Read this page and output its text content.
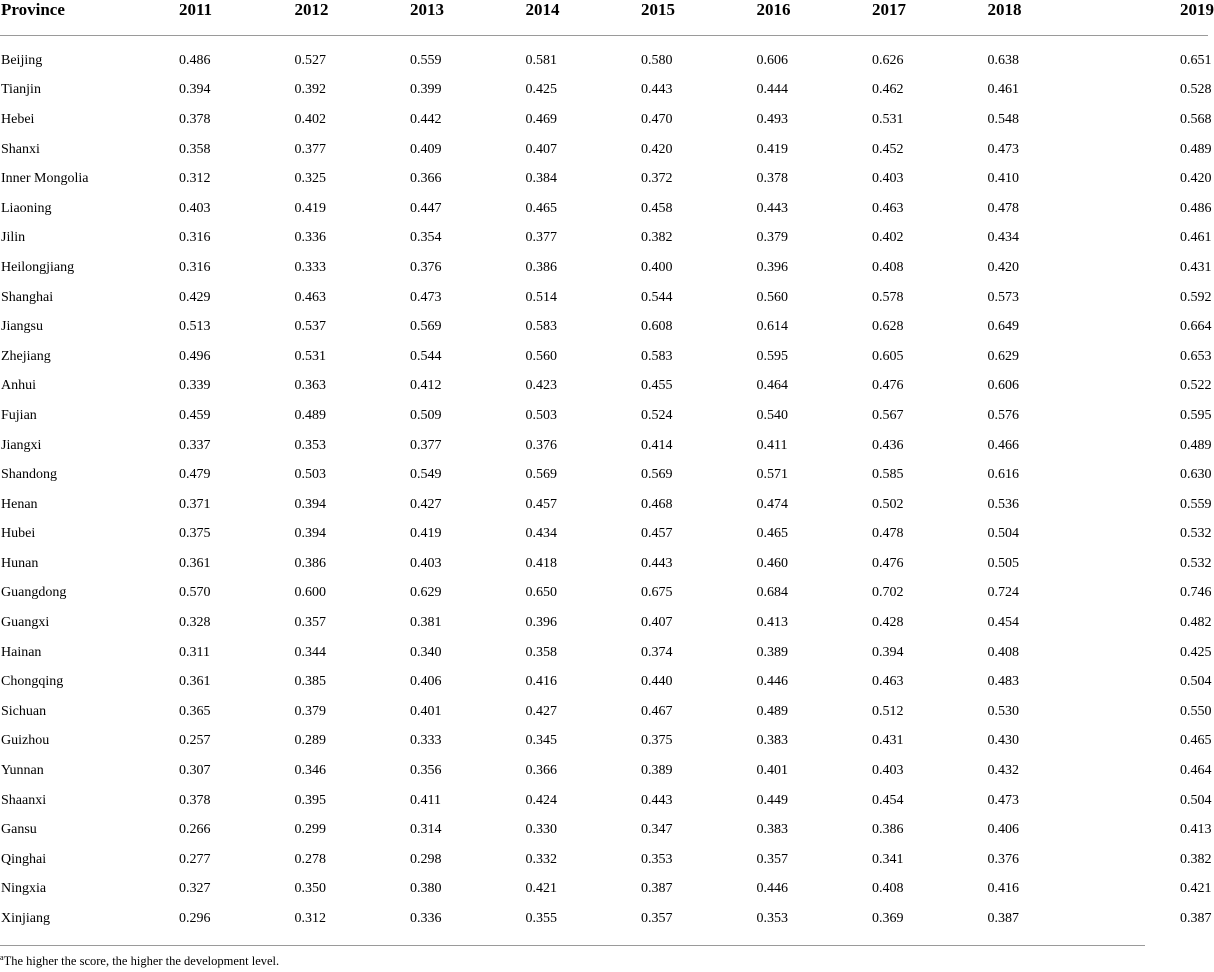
Province	2011	2012	2013	2014	2015	2016	2017	2018	2019
Beijing	0.486	0.527	0.559	0.581	0.580	0.606	0.626	0.638	0.651
Tianjin	0.394	0.392	0.399	0.425	0.443	0.444	0.462	0.461	0.528
Hebei	0.378	0.402	0.442	0.469	0.470	0.493	0.531	0.548	0.568
Shanxi	0.358	0.377	0.409	0.407	0.420	0.419	0.452	0.473	0.489
Inner Mongolia	0.312	0.325	0.366	0.384	0.372	0.378	0.403	0.410	0.420
Liaoning	0.403	0.419	0.447	0.465	0.458	0.443	0.463	0.478	0.486
Jilin	0.316	0.336	0.354	0.377	0.382	0.379	0.402	0.434	0.461
Heilongjiang	0.316	0.333	0.376	0.386	0.400	0.396	0.408	0.420	0.431
Shanghai	0.429	0.463	0.473	0.514	0.544	0.560	0.578	0.573	0.592
Jiangsu	0.513	0.537	0.569	0.583	0.608	0.614	0.628	0.649	0.664
Zhejiang	0.496	0.531	0.544	0.560	0.583	0.595	0.605	0.629	0.653
Anhui	0.339	0.363	0.412	0.423	0.455	0.464	0.476	0.606	0.522
Fujian	0.459	0.489	0.509	0.503	0.524	0.540	0.567	0.576	0.595
Jiangxi	0.337	0.353	0.377	0.376	0.414	0.411	0.436	0.466	0.489
Shandong	0.479	0.503	0.549	0.569	0.569	0.571	0.585	0.616	0.630
Henan	0.371	0.394	0.427	0.457	0.468	0.474	0.502	0.536	0.559
Hubei	0.375	0.394	0.419	0.434	0.457	0.465	0.478	0.504	0.532
Hunan	0.361	0.386	0.403	0.418	0.443	0.460	0.476	0.505	0.532
Guangdong	0.570	0.600	0.629	0.650	0.675	0.684	0.702	0.724	0.746
Guangxi	0.328	0.357	0.381	0.396	0.407	0.413	0.428	0.454	0.482
Hainan	0.311	0.344	0.340	0.358	0.374	0.389	0.394	0.408	0.425
Chongqing	0.361	0.385	0.406	0.416	0.440	0.446	0.463	0.483	0.504
Sichuan	0.365	0.379	0.401	0.427	0.467	0.489	0.512	0.530	0.550
Guizhou	0.257	0.289	0.333	0.345	0.375	0.383	0.431	0.430	0.465
Yunnan	0.307	0.346	0.356	0.366	0.389	0.401	0.403	0.432	0.464
Shaanxi	0.378	0.395	0.411	0.424	0.443	0.449	0.454	0.473	0.504
Gansu	0.266	0.299	0.314	0.330	0.347	0.383	0.386	0.406	0.413
Qinghai	0.277	0.278	0.298	0.332	0.353	0.357	0.341	0.376	0.382
Ningxia	0.327	0.350	0.380	0.421	0.387	0.446	0.408	0.416	0.421
Xinjiang	0.296	0.312	0.336	0.355	0.357	0.353	0.369	0.387	0.387
$^a$The higher the score, the higher the development level.
